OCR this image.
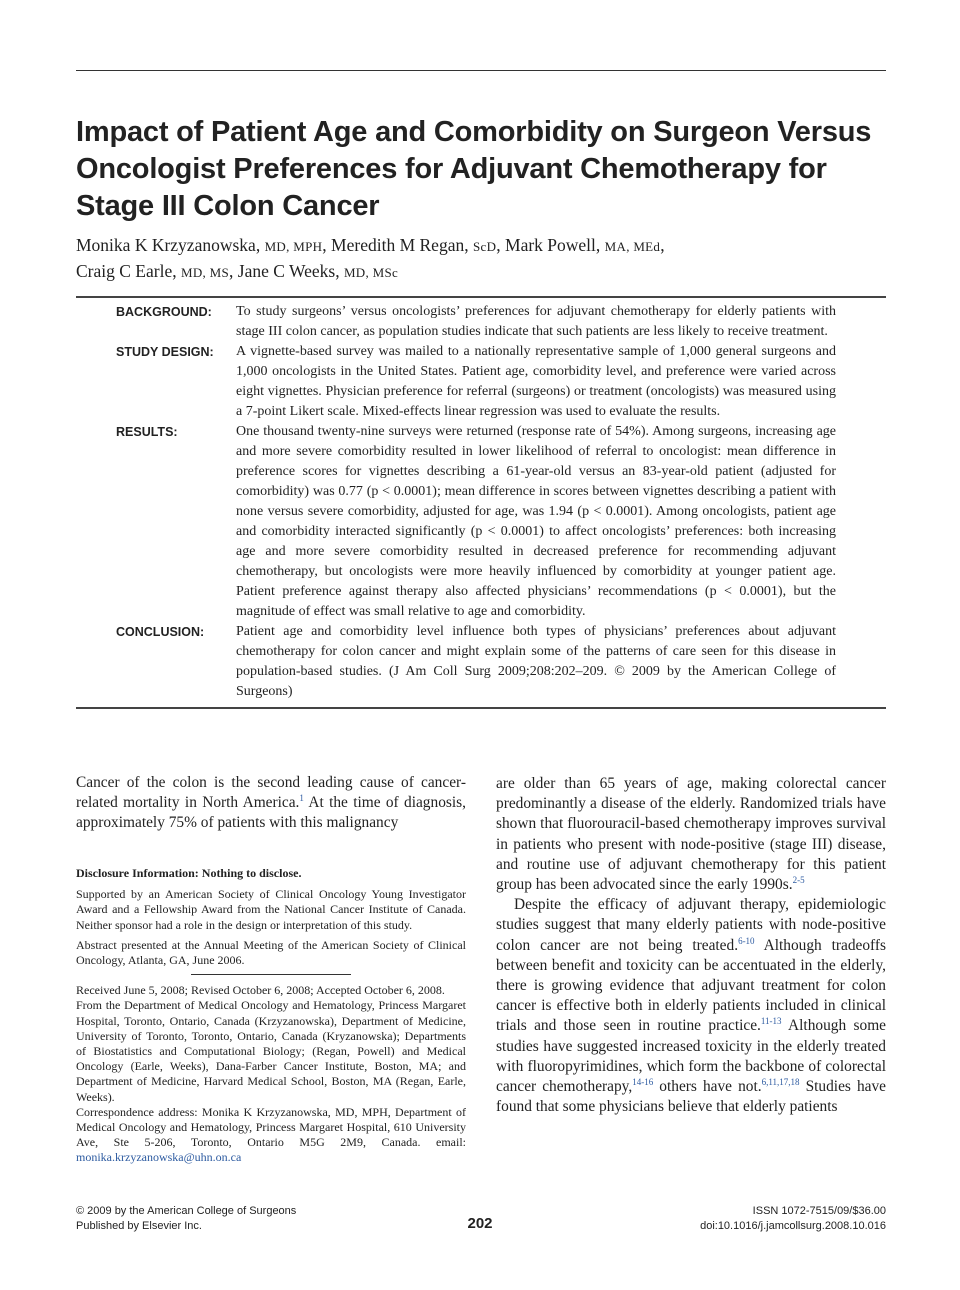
Impact of Patient Age and Comorbidity on Surgeon Versus Oncologist Preferences for Adjuvant Chemotherapy for Stage III Colon Cancer
Monika K Krzyzanowska, MD, MPH, Meredith M Regan, ScD, Mark Powell, MA, MEd,
Craig C Earle, MD, MS, Jane C Weeks, MD, MSc
BACKGROUND:	To study surgeons’ versus oncologists’ preferences for adjuvant chemotherapy for elderly patients with stage III colon cancer, as population studies indicate that such patients are less likely to receive treatment.
STUDY DESIGN:	A vignette-based survey was mailed to a nationally representative sample of 1,000 general surgeons and 1,000 oncologists in the United States. Patient age, comorbidity level, and preference were varied across eight vignettes. Physician preference for referral (surgeons) or treatment (oncologists) was measured using a 7-point Likert scale. Mixed-effects linear regression was used to evaluate the results.
RESULTS:	One thousand twenty-nine surveys were returned (response rate of 54%). Among surgeons, increasing age and more severe comorbidity resulted in lower likelihood of referral to oncologist: mean difference in preference scores for vignettes describing a 61-year-old versus an 83-year-old patient (adjusted for comorbidity) was 0.77 (p < 0.0001); mean difference in scores between vignettes describing a patient with none versus severe comorbidity, adjusted for age, was 1.94 (p < 0.0001). Among oncologists, patient age and comorbidity interacted significantly (p < 0.0001) to affect oncologists’ preferences: both increasing age and more severe comorbidity resulted in decreased preference for recommending adjuvant chemotherapy, but oncologists were more heavily influenced by comorbidity at younger patient age. Patient preference against therapy also affected physicians’ recommendations (p < 0.0001), but the magnitude of effect was small relative to age and comorbidity.
CONCLUSION:	Patient age and comorbidity level influence both types of physicians’ preferences about adjuvant chemotherapy for colon cancer and might explain some of the patterns of care seen for this disease in population-based studies. (J Am Coll Surg 2009;208:202–209. © 2009 by the American College of Surgeons)

Cancer of the colon is the second leading cause of cancer-related mortality in North America.$^1$ At the time of diagnosis, approximately 75% of patients with this malignancy

Disclosure Information: Nothing to disclose.

Supported by an American Society of Clinical Oncology Young Investigator Award and a Fellowship Award from the National Cancer Institute of Canada. Neither sponsor had a role in the design or interpretation of this study.

Abstract presented at the Annual Meeting of the American Society of Clinical Oncology, Atlanta, GA, June 2006.

Received June 5, 2008; Revised October 6, 2008; Accepted October 6, 2008.

From the Department of Medical Oncology and Hematology, Princess Margaret Hospital, Toronto, Ontario, Canada (Krzyzanowska), Department of Medicine, University of Toronto, Toronto, Ontario, Canada (Kryzanowska); Departments of Biostatistics and Computational Biology; (Regan, Powell) and Medical Oncology (Earle, Weeks), Dana-Farber Cancer Institute, Boston, MA; and Department of Medicine, Harvard Medical School, Boston, MA (Regan, Earle, Weeks).

Correspondence address: Monika K Krzyzanowska, MD, MPH, Department of Medical Oncology and Hematology, Princess Margaret Hospital, 610 University Ave, Ste 5-206, Toronto, Ontario M5G 2M9, Canada. email: monika.krzyzanowska@uhn.on.ca

are older than 65 years of age, making colorectal cancer predominantly a disease of the elderly. Randomized trials have shown that fluorouracil-based chemotherapy improves survival in patients who present with node-positive (stage III) disease, and routine use of adjuvant chemotherapy for this patient group has been advocated since the early 1990s.$^{2-5}$

Despite the efficacy of adjuvant therapy, epidemiologic studies suggest that many elderly patients with node-positive colon cancer are not being treated.$^{6-10}$ Although tradeoffs between benefit and toxicity can be accentuated in the elderly, there is growing evidence that adjuvant treatment for colon cancer is effective both in elderly patients included in clinical trials and those seen in routine practice.$^{11-13}$ Although some studies have suggested increased toxicity in the elderly treated with fluoropyrimidines, which form the backbone of colorectal cancer chemotherapy,$^{14-16}$ others have not.$^{6,11,17,18}$ Studies have found that some physicians believe that elderly patients

© 2009 by the American College of Surgeons
Published by Elsevier Inc.	202
ISSN 1072-7515/09/$36.00
doi:10.1016/j.jamcollsurg.2008.10.016
